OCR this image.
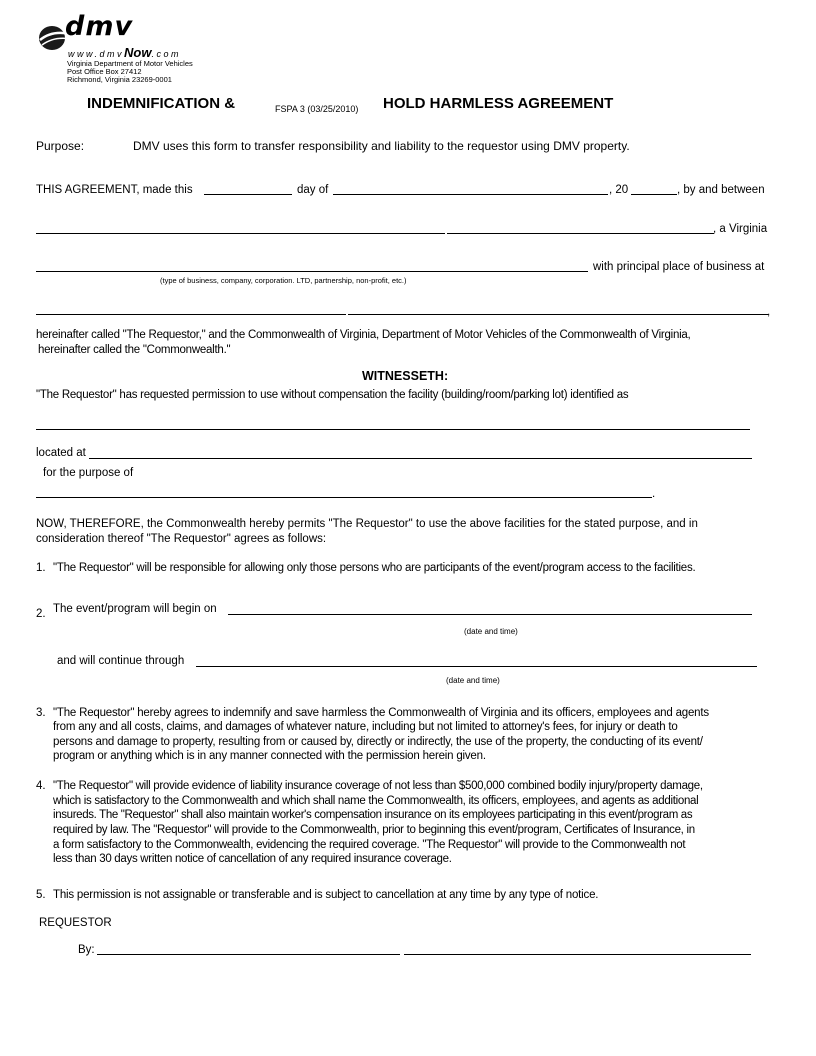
dmv
www.dmvNow.com
Virginia Department of Motor Vehicles
Post Office Box 27412
Richmond, Virginia 23269-0001
INDEMNIFICATION &	FSPA 3 (03/25/2010) HOLD HARMLESS AGREEMENT
Purpose:	DMV uses this form to transfer responsibility and liability to the requestor using DMV property.
THIS AGREEMENT, made this	day of	, 20	, by and between
, a Virginia
with principal place of business at
(type of business, company, corporation. LTD, partnership, non-profit, etc.)
,
hereinafter called "The Requestor," and the Commonwealth of Virginia, Department of Motor Vehicles of the Commonwealth of Virginia,
hereinafter called the "Commonwealth."
WITNESSETH:
"The Requestor" has requested permission to use without compensation the facility (building/room/parking lot) identified as
located at
for the purpose of
.
NOW, THEREFORE, the Commonwealth hereby permits "The Requestor" to use the above facilities for the stated purpose, and in
consideration thereof "The Requestor" agrees as follows:
1. "The Requestor" will be responsible for allowing only those persons who are participants of the event/program access to the facilities.
2. The event/program will begin on
(date and time)
and will continue through
(date and time)
3. "The Requestor" hereby agrees to indemnify and save harmless the Commonwealth of Virginia and its officers, employees and agents
from any and all costs, claims, and damages of whatever nature, including but not limited to attorney's fees, for injury or death to
persons and damage to property, resulting from or caused by, directly or indirectly, the use of the property, the conducting of its event/
program or anything which is in any manner connected with the permission herein given.
4. "The Requestor" will provide evidence of liability insurance coverage of not less than $500,000 combined bodily injury/property damage,
which is satisfactory to the Commonwealth and which shall name the Commonwealth, its officers, employees, and agents as additional
insureds. The "Requestor" shall also maintain worker's compensation insurance on its employees participating in this event/program as
required by law. The "Requestor" will provide to the Commonwealth, prior to beginning this event/program, Certificates of Insurance, in
a form satisfactory to the Commonwealth, evidencing the required coverage. "The Requestor" will provide to the Commonwealth not
less than 30 days written notice of cancellation of any required insurance coverage.
5. This permission is not assignable or transferable and is subject to cancellation at any time by any type of notice.
REQUESTOR
By:
